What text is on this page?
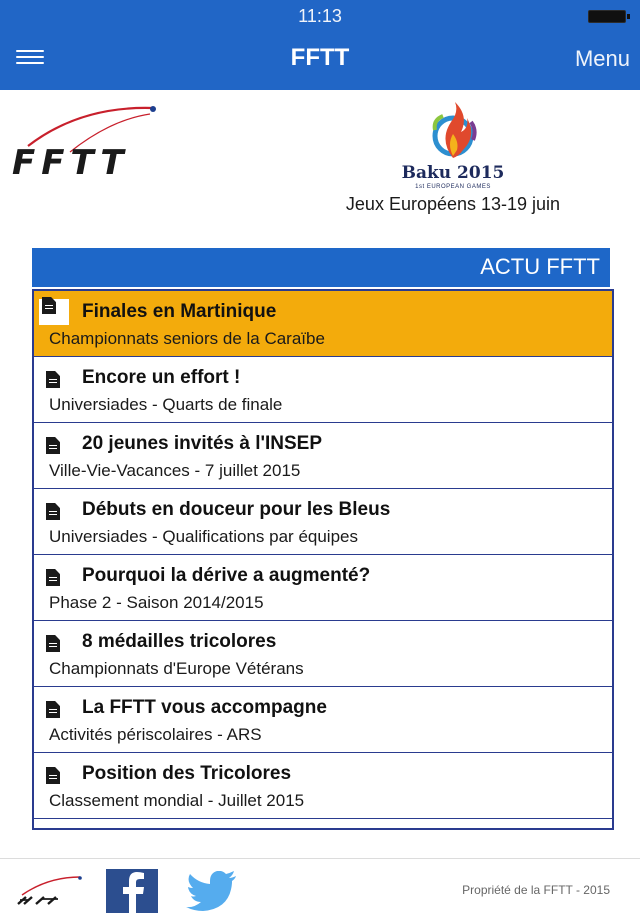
11:13
FFTT	Menu
FFTT	Baku 2015
1st EUROPEAN GAMES
Jeux Européens 13-19 juin
ACTU FFTT
Finales en Martinique
Championnats seniors de la Caraïbe
Encore un effort !
Universiades - Quarts de finale
20 jeunes invités à l'INSEP
Ville-Vie-Vacances - 7 juillet 2015
Débuts en douceur pour les Bleus
Universiades - Qualifications par équipes
Pourquoi la dérive a augmenté?
Phase 2 - Saison 2014/2015
8 médailles tricolores
Championnats d'Europe Vétérans
La FFTT vous accompagne
Activités périscolaires - ARS
Position des Tricolores
Classement mondial - Juillet 2015
Propriété de la FFTT - 2015
